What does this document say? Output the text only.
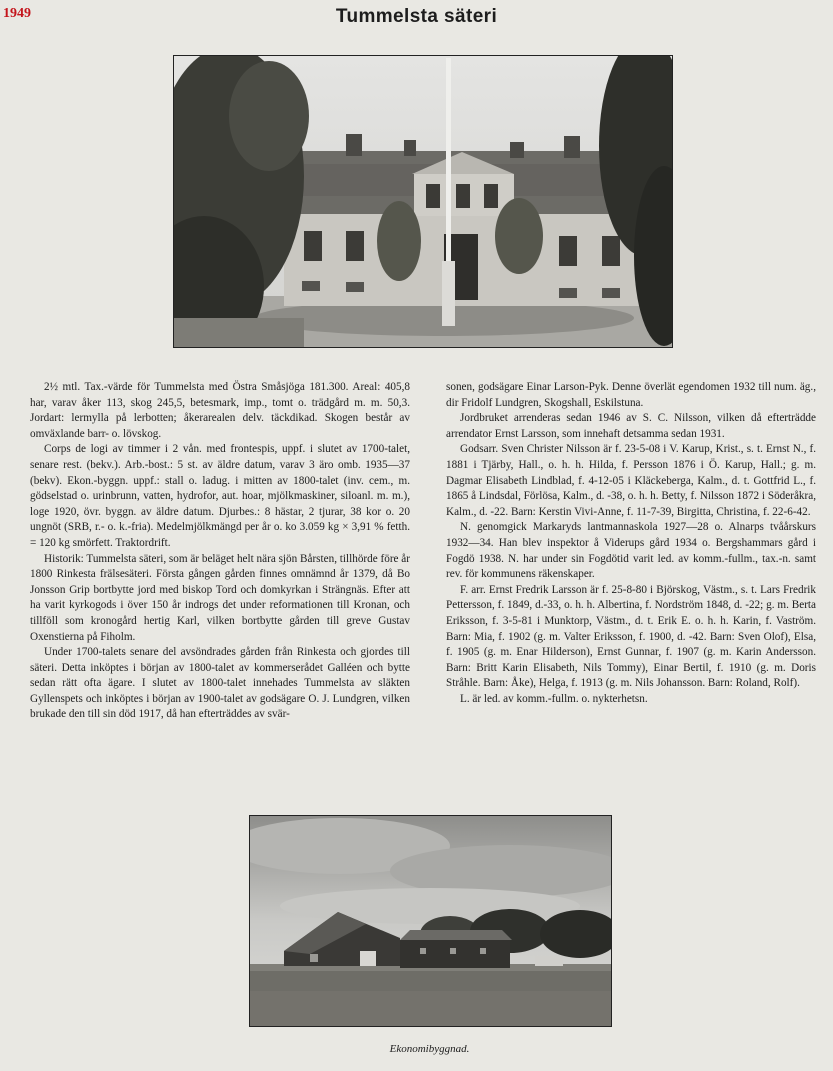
1949	Tummelsta säteri

2½ mtl. Tax.-värde för Tummelsta med Östra Småsjöga 181.300. Areal: 405,8 har, varav åker 113, skog 245,5, betesmark, imp., tomt o. trädgård m. m. 50,3. Jordart: lermylla på lerbotten; åkerarealen delv. täckdikad. Skogen består av omväxlande barr- o. lövskog.

Corps de logi av timmer i 2 vån. med frontespis, uppf. i slutet av 1700-talet, senare rest. (bekv.). Arb.-bost.: 5 st. av äldre datum, varav 3 äro omb. 1935—37 (bekv). Ekon.-byggn. uppf.: stall o. ladug. i mitten av 1800-talet (inv. cem., m. gödselstad o. urinbrunn, vatten, hydrofor, aut. hoar, mjölkmaskiner, siloanl. m. m.), loge 1920, övr. byggn. av äldre datum. Djurbes.: 8 hästar, 2 tjurar, 38 kor o. 20 ungnöt (SRB, r.- o. k.-fria). Medelmjölkmängd per år o. ko 3.059 kg × 3,91 % fetth. = 120 kg smörfett. Traktordrift.

Historik: Tummelsta säteri, som är beläget helt nära sjön Bårsten, tillhörde före år 1800 Rinkesta frälsesäteri. Första gången gården finnes omnämnd år 1379, då Bo Jonsson Grip bortbytte jord med biskop Tord och domkyrkan i Strängnäs. Efter att ha varit kyrkogods i över 150 år indrogs det under reformationen till Kronan, och tillföll som kronogård hertig Karl, vilken bortbytte gården till greve Gustav Oxenstierna på Fiholm.

Under 1700-talets senare del avsöndrades gården från Rinkesta och gjordes till säteri. Detta inköptes i början av 1800-talet av kommerserådet Galléen och bytte sedan rätt ofta ägare. I slutet av 1800-talet innehades Tummelsta av släkten Gyllenspets och inköptes i början av 1900-talet av godsägare O. J. Lundgren, vilken brukade den till sin död 1917, då han efterträddes av svär-

sonen, godsägare Einar Larson-Pyk. Denne överlät egendomen 1932 till num. äg., dir Fridolf Lundgren, Skogshall, Eskilstuna.

Jordbruket arrenderas sedan 1946 av S. C. Nilsson, vilken då efterträdde arrendator Ernst Larsson, som innehaft detsamma sedan 1931.

Godsarr. Sven Christer Nilsson är f. 23-5-08 i V. Karup, Krist., s. t. Ernst N., f. 1881 i Tjärby, Hall., o. h. h. Hilda, f. Persson 1876 i Ö. Karup, Hall.; g. m. Dagmar Elisabeth Lindblad, f. 4-12-05 i Kläckeberga, Kalm., d. t. Gottfrid L., f. 1865 å Lindsdal, Förlösa, Kalm., d. -38, o. h. h. Betty, f. Nilsson 1872 i Söderåkra, Kalm., d. -22. Barn: Kerstin Vivi-Anne, f. 11-7-39, Birgitta, Christina, f. 22-6-42.

N. genomgick Markaryds lantmannaskola 1927—28 o. Alnarps tvåårskurs 1932—34. Han blev inspektor å Viderups gård 1934 o. Bergshammars gård i Fogdö 1938. N. har under sin Fogdötid varit led. av komm.-fullm., tax.-n. samt rev. för kommunens räkenskaper.

F. arr. Ernst Fredrik Larsson är f. 25-8-80 i Björskog, Västm., s. t. Lars Fredrik Pettersson, f. 1849, d.-33, o. h. h. Albertina, f. Nordström 1848, d. -22; g. m. Berta Eriksson, f. 3-5-81 i Munktorp, Västm., d. t. Erik E. o. h. h. Karin, f. Vaström. Barn: Mia, f. 1902 (g. m. Valter Eriksson, f. 1900, d. -42. Barn: Sven Olof), Elsa, f. 1905 (g. m. Enar Hilderson), Ernst Gunnar, f. 1907 (g. m. Karin Andersson. Barn: Britt Karin Elisabeth, Nils Tommy), Einar Bertil, f. 1910 (g. m. Doris Stråhle. Barn: Åke), Helga, f. 1913 (g. m. Nils Johansson. Barn: Roland, Rolf).

L. är led. av komm.-fullm. o. nykterhetsn.

Ekonomibyggnad.
